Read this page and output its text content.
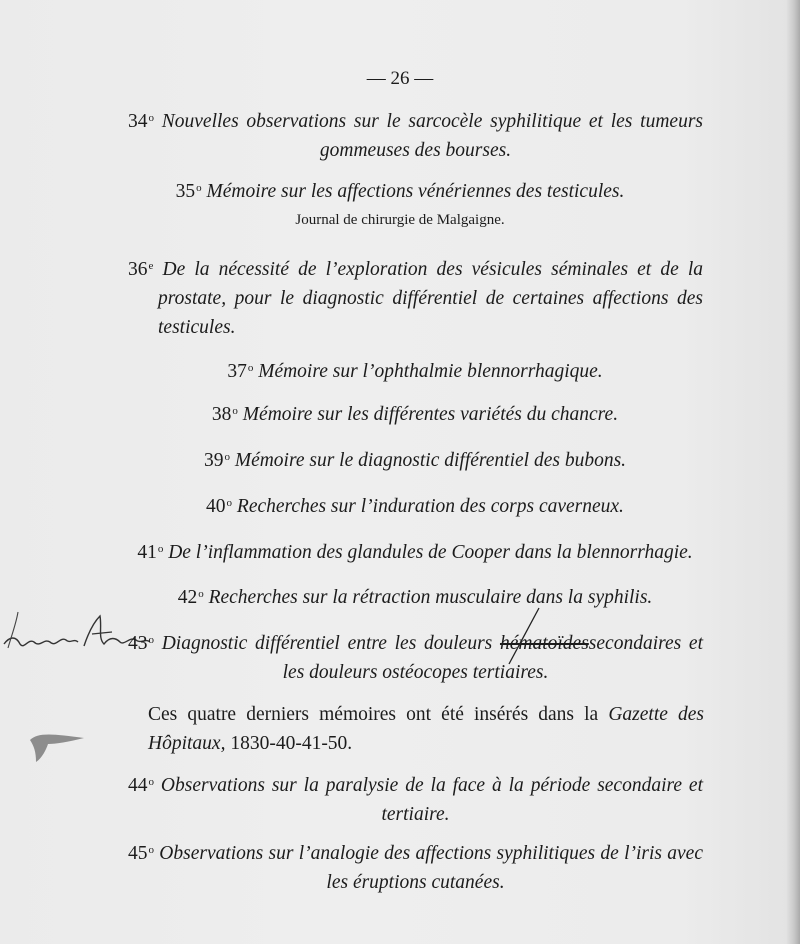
— 26 —
34$^o$ Nouvelles observations sur le sarcocèle syphilitique et les tumeurs
gommeuses des bourses.
35$^o$ Mémoire sur les affections vénériennes des testicules.
Journal de chirurgie de Malgaigne.
36e De la nécessité de l’exploration des vésicules séminales et de la
prostate, pour le diagnostic différentiel de certaines affections des
testicules.
37$^o$ Mémoire sur l’ophthalmie blennorrhagique.
38$^o$ Mémoire sur les différentes variétés du chancre.
39$^o$ Mémoire sur le diagnostic différentiel des bubons.
40$^o$ Recherches sur l’induration des corps caverneux.
41$^o$ De l’inflammation des glandules de Cooper dans la blennorrhagie.
42$^o$ Recherches sur la rétraction musculaire dans la syphilis.
43$^o$ Diagnostic différentiel entre les douleurs hématoïdessecondaires et
les douleurs ostéocopes tertiaires.
Ces quatre derniers mémoires ont été insérés dans la Gazette des
Hôpitaux, 1830-40-41-50.
44$^o$ Observations sur la paralysie de la face à la période secondaire et
tertiaire.
45$^o$ Observations sur l’analogie des affections syphilitiques de l’iris avec
les éruptions cutanées.
